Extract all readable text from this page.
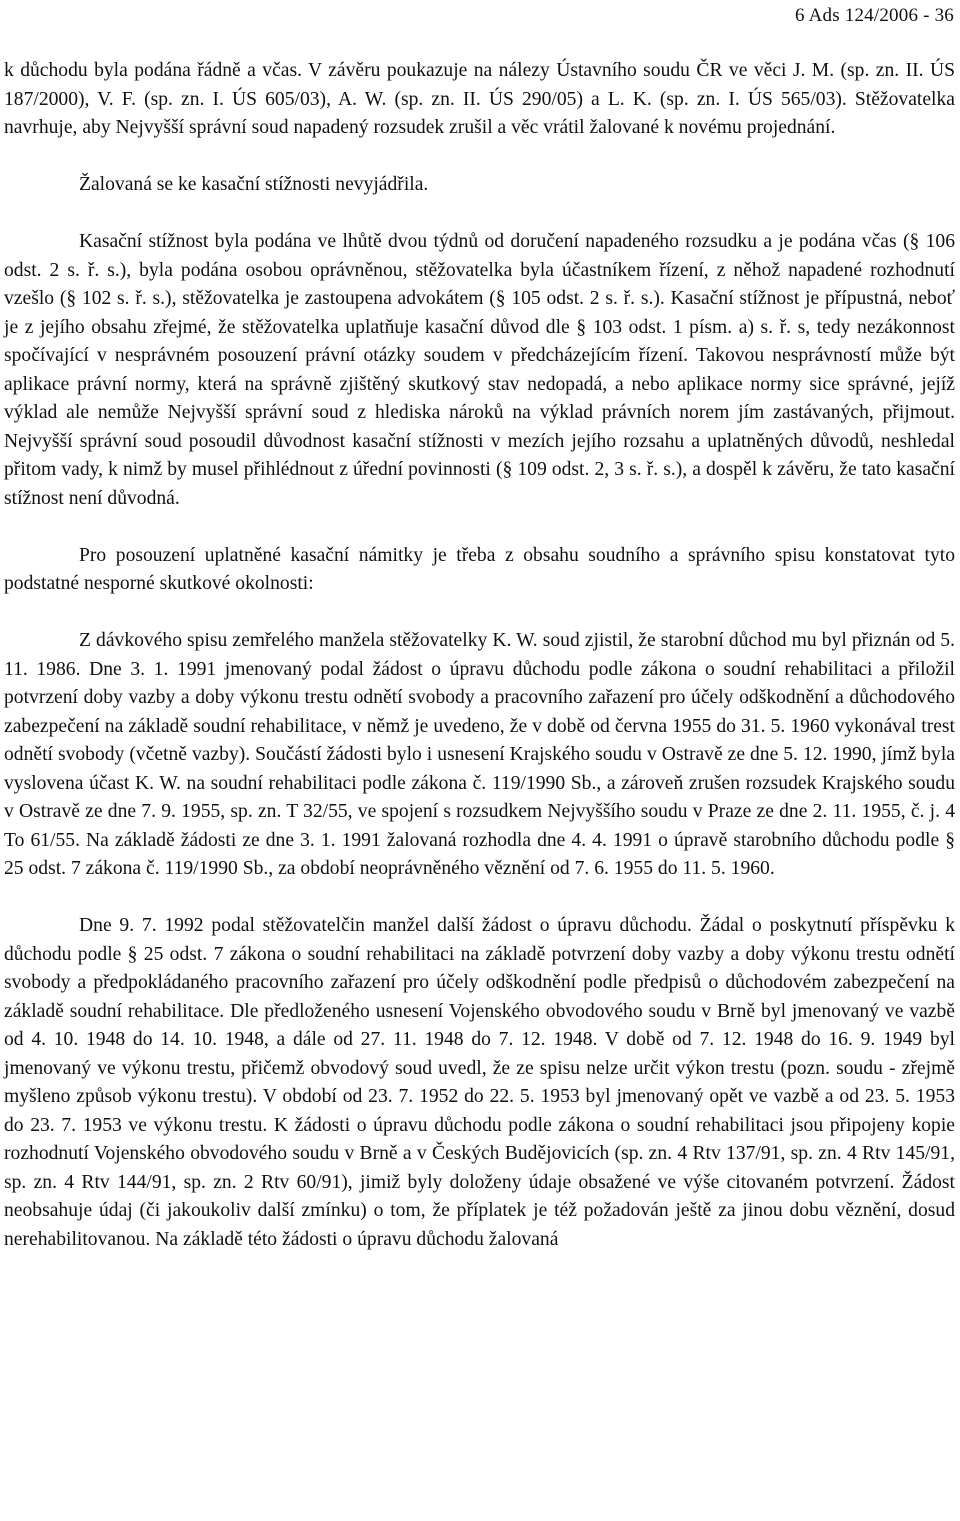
6 Ads 124/2006 - 36

k důchodu byla podána řádně a včas. V závěru poukazuje na nálezy Ústavního soudu ČR ve věci J. M. (sp. zn. II. ÚS 187/2000), V. F. (sp. zn. I. ÚS 605/03), A. W. (sp. zn. II. ÚS 290/05) a L. K. (sp. zn. I. ÚS 565/03). Stěžovatelka navrhuje, aby Nejvyšší správní soud napadený rozsudek zrušil a věc vrátil žalované k novému projednání.

Žalovaná se ke kasační stížnosti nevyjádřila.

Kasační stížnost byla podána ve lhůtě dvou týdnů od doručení napadeného rozsudku a je podána včas (§ 106 odst. 2 s. ř. s.), byla podána osobou oprávněnou, stěžovatelka byla účastníkem řízení, z něhož napadené rozhodnutí vzešlo (§ 102 s. ř. s.), stěžovatelka je zastoupena advokátem (§ 105 odst. 2 s. ř. s.). Kasační stížnost je přípustná, neboť je z jejího obsahu zřejmé, že stěžovatelka uplatňuje kasační důvod dle § 103 odst. 1 písm. a) s. ř. s, tedy nezákonnost spočívající v nesprávném posouzení právní otázky soudem v předcházejícím řízení. Takovou nesprávností může být aplikace právní normy, která na správně zjištěný skutkový stav nedopadá, a nebo aplikace normy sice správné, jejíž výklad ale nemůže Nejvyšší správní soud z hlediska nároků na výklad právních norem jím zastávaných, přijmout. Nejvyšší správní soud posoudil důvodnost kasační stížnosti v mezích jejího rozsahu a uplatněných důvodů, neshledal přitom vady, k nimž by musel přihlédnout z úřední povinnosti (§ 109 odst. 2, 3 s. ř. s.), a dospěl k závěru, že tato kasační stížnost není důvodná.

Pro posouzení uplatněné kasační námitky je třeba z obsahu soudního a správního spisu konstatovat tyto podstatné nesporné skutkové okolnosti:

Z dávkového spisu zemřelého manžela stěžovatelky K. W. soud zjistil, že starobní důchod mu byl přiznán od 5. 11. 1986. Dne 3. 1. 1991 jmenovaný podal žádost o úpravu důchodu podle zákona o soudní rehabilitaci a přiložil potvrzení doby vazby a doby výkonu trestu odnětí svobody a pracovního zařazení pro účely odškodnění a důchodového zabezpečení na základě soudní rehabilitace, v němž je uvedeno, že v době od června 1955 do 31. 5. 1960 vykonával trest odnětí svobody (včetně vazby). Součástí žádosti bylo i usnesení Krajského soudu v Ostravě ze dne 5. 12. 1990, jímž byla vyslovena účast K. W. na soudní rehabilitaci podle zákona č. 119/1990 Sb., a zároveň zrušen rozsudek Krajského soudu v Ostravě ze dne 7. 9. 1955, sp. zn. T 32/55, ve spojení s rozsudkem Nejvyššího soudu v Praze ze dne 2. 11. 1955, č. j. 4 To 61/55. Na základě žádosti ze dne 3. 1. 1991 žalovaná rozhodla dne 4. 4. 1991 o úpravě starobního důchodu podle § 25 odst. 7 zákona č. 119/1990 Sb., za období neoprávněného věznění od 7. 6. 1955 do 11. 5. 1960.

Dne 9. 7. 1992 podal stěžovatelčin manžel další žádost o úpravu důchodu. Žádal o poskytnutí příspěvku k důchodu podle § 25 odst. 7 zákona o soudní rehabilitaci na základě potvrzení doby vazby a doby výkonu trestu odnětí svobody a předpokládaného pracovního zařazení pro účely odškodnění podle předpisů o důchodovém zabezpečení na základě soudní rehabilitace. Dle předloženého usnesení Vojenského obvodového soudu v Brně byl jmenovaný ve vazbě od 4. 10. 1948 do 14. 10. 1948, a dále od 27. 11. 1948 do 7. 12. 1948. V době od 7. 12. 1948 do 16. 9. 1949 byl jmenovaný ve výkonu trestu, přičemž obvodový soud uvedl, že ze spisu nelze určit výkon trestu (pozn. soudu - zřejmě myšleno způsob výkonu trestu). V období od 23. 7. 1952 do 22. 5. 1953 byl jmenovaný opět ve vazbě a od 23. 5. 1953 do 23. 7. 1953 ve výkonu trestu. K žádosti o úpravu důchodu podle zákona o soudní rehabilitaci jsou připojeny kopie rozhodnutí Vojenského obvodového soudu v Brně a v Českých Budějovicích (sp. zn. 4 Rtv 137/91, sp. zn. 4 Rtv 145/91, sp. zn. 4 Rtv 144/91, sp. zn. 2 Rtv 60/91), jimiž byly doloženy údaje obsažené ve výše citovaném potvrzení. Žádost neobsahuje údaj (či jakoukoliv další zmínku) o tom, že příplatek je též požadován ještě za jinou dobu věznění, dosud nerehabilitovanou. Na základě této žádosti o úpravu důchodu žalovaná
